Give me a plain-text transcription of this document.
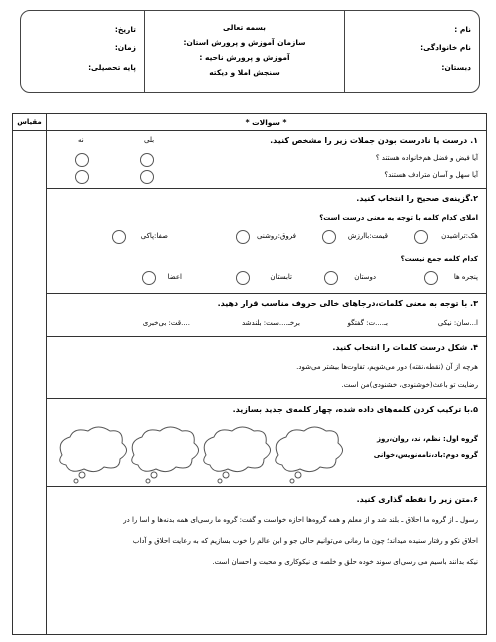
نام :
نام خانوادگی:
دبستان:
بسمه تعالی
سازمان آموزش و پرورش استان:
آموزش و پرورش ناحیه :
سنجش املا و دیکته
تاریخ:
زمان:
پایه تحصیلی:
مقیاس	* سوالات *
۱. درست یا نادرست بودن جملات زیر را مشخص کنید.
بلی
نه
آیا فیض و فضل هم‌خانواده هستند ؟
آیا سهل و آسان مترادف هستند؟
۲.گزینه‌ی صحیح را انتخاب کنید.
املای کدام کلمه با توجه به معنی درست است؟
هک:تراشیدن
قیمت:باارزش
فروق:روشنی
صفا:پاکی
کدام کلمه جمع نیست؟
پنجره ها
دوستان
تابستان
اعضا
۳. با توجه به معنی کلمات،درجاهای خالی حروف مناسب قرار دهید.
ا...سان: نیکی
بـ....ت: گفتگو
برخـ....ست: بلندشد
....قت: بی‌خبری
۴. شکل درست کلمات را انتخاب کنید.
هرچه از آن (نقطه،نقته) دور می‌شویم، تفاوت‌ها بیشتر می‌شود.
رضایت تو باعث(خوشنودی، خشنودی)من است.
۵.با ترکیب کردن کلمه‌های داده شده، چهار کلمه‌ی جدید بسازید.
گروه اول: نظم، ند، روان،روز
گروه دوم:باد،نامه‌نویس،خوانی
۶.متن زیر را نقطه گذاری کنید.
رسول ـ از گروه ما احلاق ـ بلند شد و از معلم و همه گروه‌ها احازه خواست و گفت: گروه ما رسی‌ای همه بدنه‌ها و اسا را در
احلاق نکو و رفتار سنیده میداند؛ چون ما رمانی می‌توانیم حالی جو و ابن عالم را خوب بسازیم که به رعایت احلاق و آداب
نیکه بدانند باسیم می رسی‌ای سوند خوده حلق و خلصه ی نیکوکاری و محبت و احسان است.
